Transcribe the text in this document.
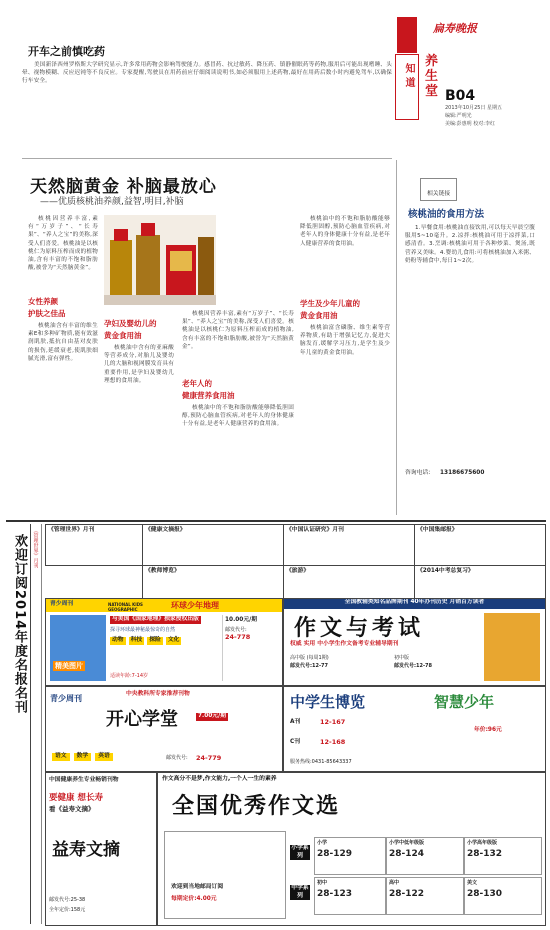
开车之前慎吃药
美国新泽西州罗格斯大学研究显示,许多常用药物会影响驾驶能力。感冒药、抗过敏药、降压药、镇静催眠药等药物,服用后可能出现嗜睡、头晕、视物模糊、反应迟钝等不良反应。专家提醒,驾驶员在用药前应仔细阅读说明书,如必须服用上述药物,最好在用药后数小时内避免驾车,以确保行车安全。	知道
扁寿晚报
养生堂 B04
2013年10月25日 星期五
编辑:严明光
美编:彭惠明 校对:李红
天然脑黄金 补脑最放心
——优质核桃油养颜,益智,明目,补脑
核桃因营养丰富,素有“万岁子”、“长寿果”、“养人之宝”的美称,深受人们喜爱。核桃油是以核桃仁为原料压榨而成的植物油,含有丰富的不饱和脂肪酸,被誉为“天然脑黄金”。
女性养颜
护肤之佳品
核桃油含有丰富的维生素E和多种矿物质,能有效滋润肌肤,抵抗自由基对皮肤的损伤,延缓衰老,使肌肤细腻光滑,富有弹性。
孕妇及婴幼儿的
黄金食用油
核桃油中含有的亚麻酸等营养成分,对胎儿及婴幼儿的大脑和视网膜发育具有重要作用,是孕妇及婴幼儿理想的食用油。	老年人的
健康营养食用油
核桃油中的不饱和脂肪酸能够降低胆固醇,预防心脑血管疾病,对老年人的身体健康十分有益,是老年人健康营养的食用油。
核桃因营养丰富,素有“万岁子”、“长寿果”、“养人之宝”的美称,深受人们喜爱。核桃油是以核桃仁为原料压榨而成的植物油,含有丰富的不饱和脂肪酸,被誉为“天然脑黄金”。
核桃油中的不饱和脂肪酸能够降低胆固醇,预防心脑血管疾病,对老年人的身体健康十分有益,是老年人健康营养的食用油。
学生及少年儿童的
黄金食用油
核桃油富含磷脂、维生素等营养物质,有助于增强记忆力,促进大脑发育,缓解学习压力,是学生及少年儿童的黄金食用油。
相关链接
核桃油的食用方法
1.早餐食用:核桃油直接饮用,可以每天早晨空腹服用5~10毫升。2.凉拌:核桃油可用于凉拌菜,口感清香。3.烹调:核桃油可用于各种炒菜、煲汤,既营养又美味。4.婴幼儿食用:可将核桃油加入米粥、奶粉等辅食中,每日1~2次。
咨询电话: 13186675600
欢迎订阅2014年度名报名刊	《管理世界》月刊	《管理世界》月刊	《健康文摘报》	《中国认证研究》月刊	《中国集邮报》
《教师博览》	《旅游》	《2014中考总复习》
青少周刊	NATIONAL KIDS GEOGRAPHIC	环球少年地理
精美图片
与美国《国家地理》独家授权出版
探寻环球最神秘最惊奇的自然
动物	科技	探险	文化
适读年龄:7-14岁
10.00元/期
邮发代号:
24-778
全国教辅类知名品牌期刊 40年办刊历史 月销百万读者
作文与考试
权威 实用 中小学生作文备考专业辅导期刊
高中版 (每周1期)
邮发代号:12-77
初中版
邮发代号:12-78
青少周刊	中央教科所专家推荐刊物
开心学堂	7.00元/期
语文	数学	英语	邮发代号: 24-779
中学生博览	智慧少年
A刊	12-167
C刊	12-168
服务热线:0431-85643337
年价:96元
中国健康养生专业畅销刊物
要健康 想长寿
看《益寿文摘》
益寿文摘
邮发代号:25-38
全年定价:158元
作文高分不是梦,作文能力,一个人一生的素养
全国优秀作文选
欢迎到当地邮局订阅
每期定价:4.00元
小学系列
中学系列
小学
28-129
小学中低年级版
28-124
小学高年级版
28-132
初中
28-123
高中
28-122
美文
28-130
